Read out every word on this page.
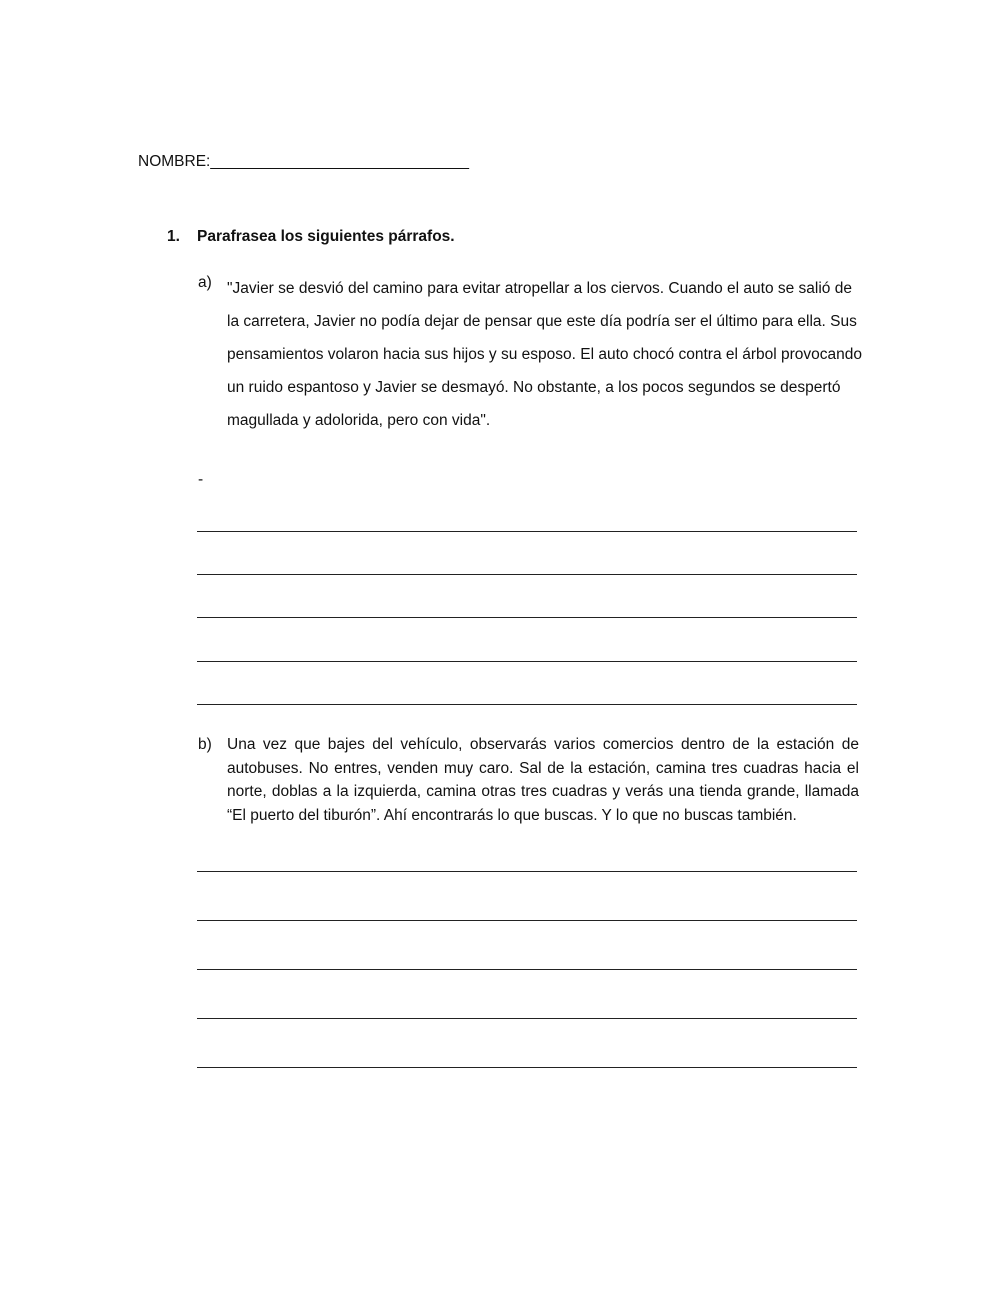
NOMBRE:______________________________
1. Parafrasea los siguientes párrafos.
a) "Javier se desvió del camino para evitar atropellar a los ciervos. Cuando el auto se salió de la carretera, Javier no podía dejar de pensar que este día podría ser el último para ella. Sus pensamientos volaron hacia sus hijos y su esposo. El auto chocó contra el árbol provocando un ruido espantoso y Javier se desmayó. No obstante, a los pocos segundos se despertó magullada y adolorida, pero con vida".
-
b) Una vez que bajes del vehículo, observarás varios comercios dentro de la estación de autobuses. No entres, venden muy caro. Sal de la estación, camina tres cuadras hacia el norte, doblas a la izquierda, camina otras tres cuadras y verás una tienda grande, llamada “El puerto del tiburón”. Ahí encontrarás lo que buscas. Y lo que no buscas también.
